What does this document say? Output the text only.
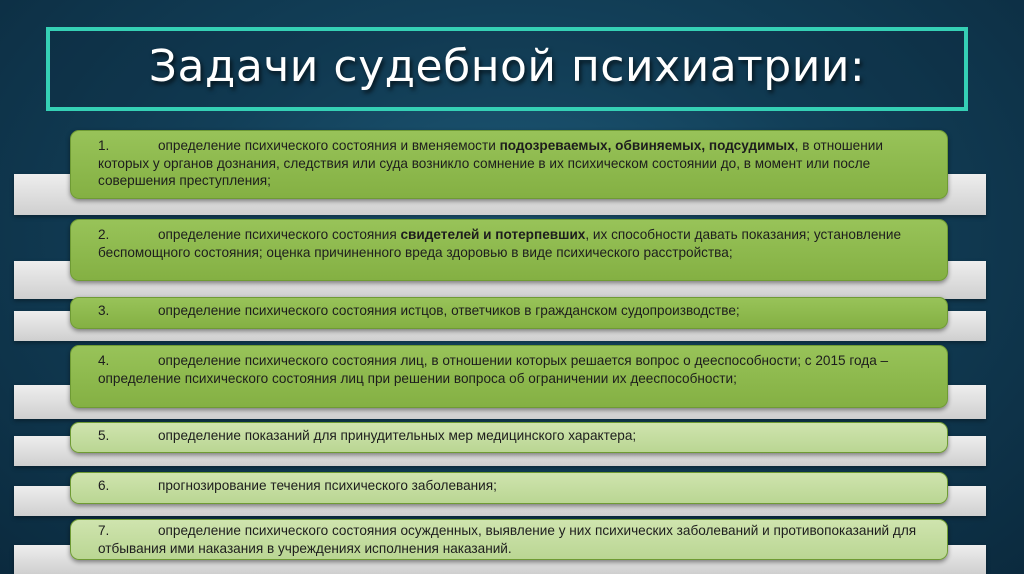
Задачи судебной психиатрии:
1.	определение психического состояния и вменяемости подозреваемых, обвиняемых, подсудимых, в отношении которых у органов дознания, следствия или суда возникло сомнение в их психическом состоянии до, в момент или после совершения преступления;
2.	определение психического состояния свидетелей и потерпевших, их способности давать показания; установление беспомощного состояния; оценка причиненного вреда здоровью в виде психического расстройства;
3.	определение психического состояния истцов, ответчиков в гражданском судопроизводстве;
4.	определение психического состояния лиц, в отношении которых решается вопрос о дееспособности; с 2015 года – определение психического состояния лиц при решении вопроса об ограничении их дееспособности;
5.	определение показаний для принудительных мер медицинского характера;
6.	прогнозирование течения психического заболевания;
7.	определение психического состояния осужденных, выявление у них психических заболеваний и противопоказаний для отбывания ими наказания в учреждениях исполнения наказаний.
